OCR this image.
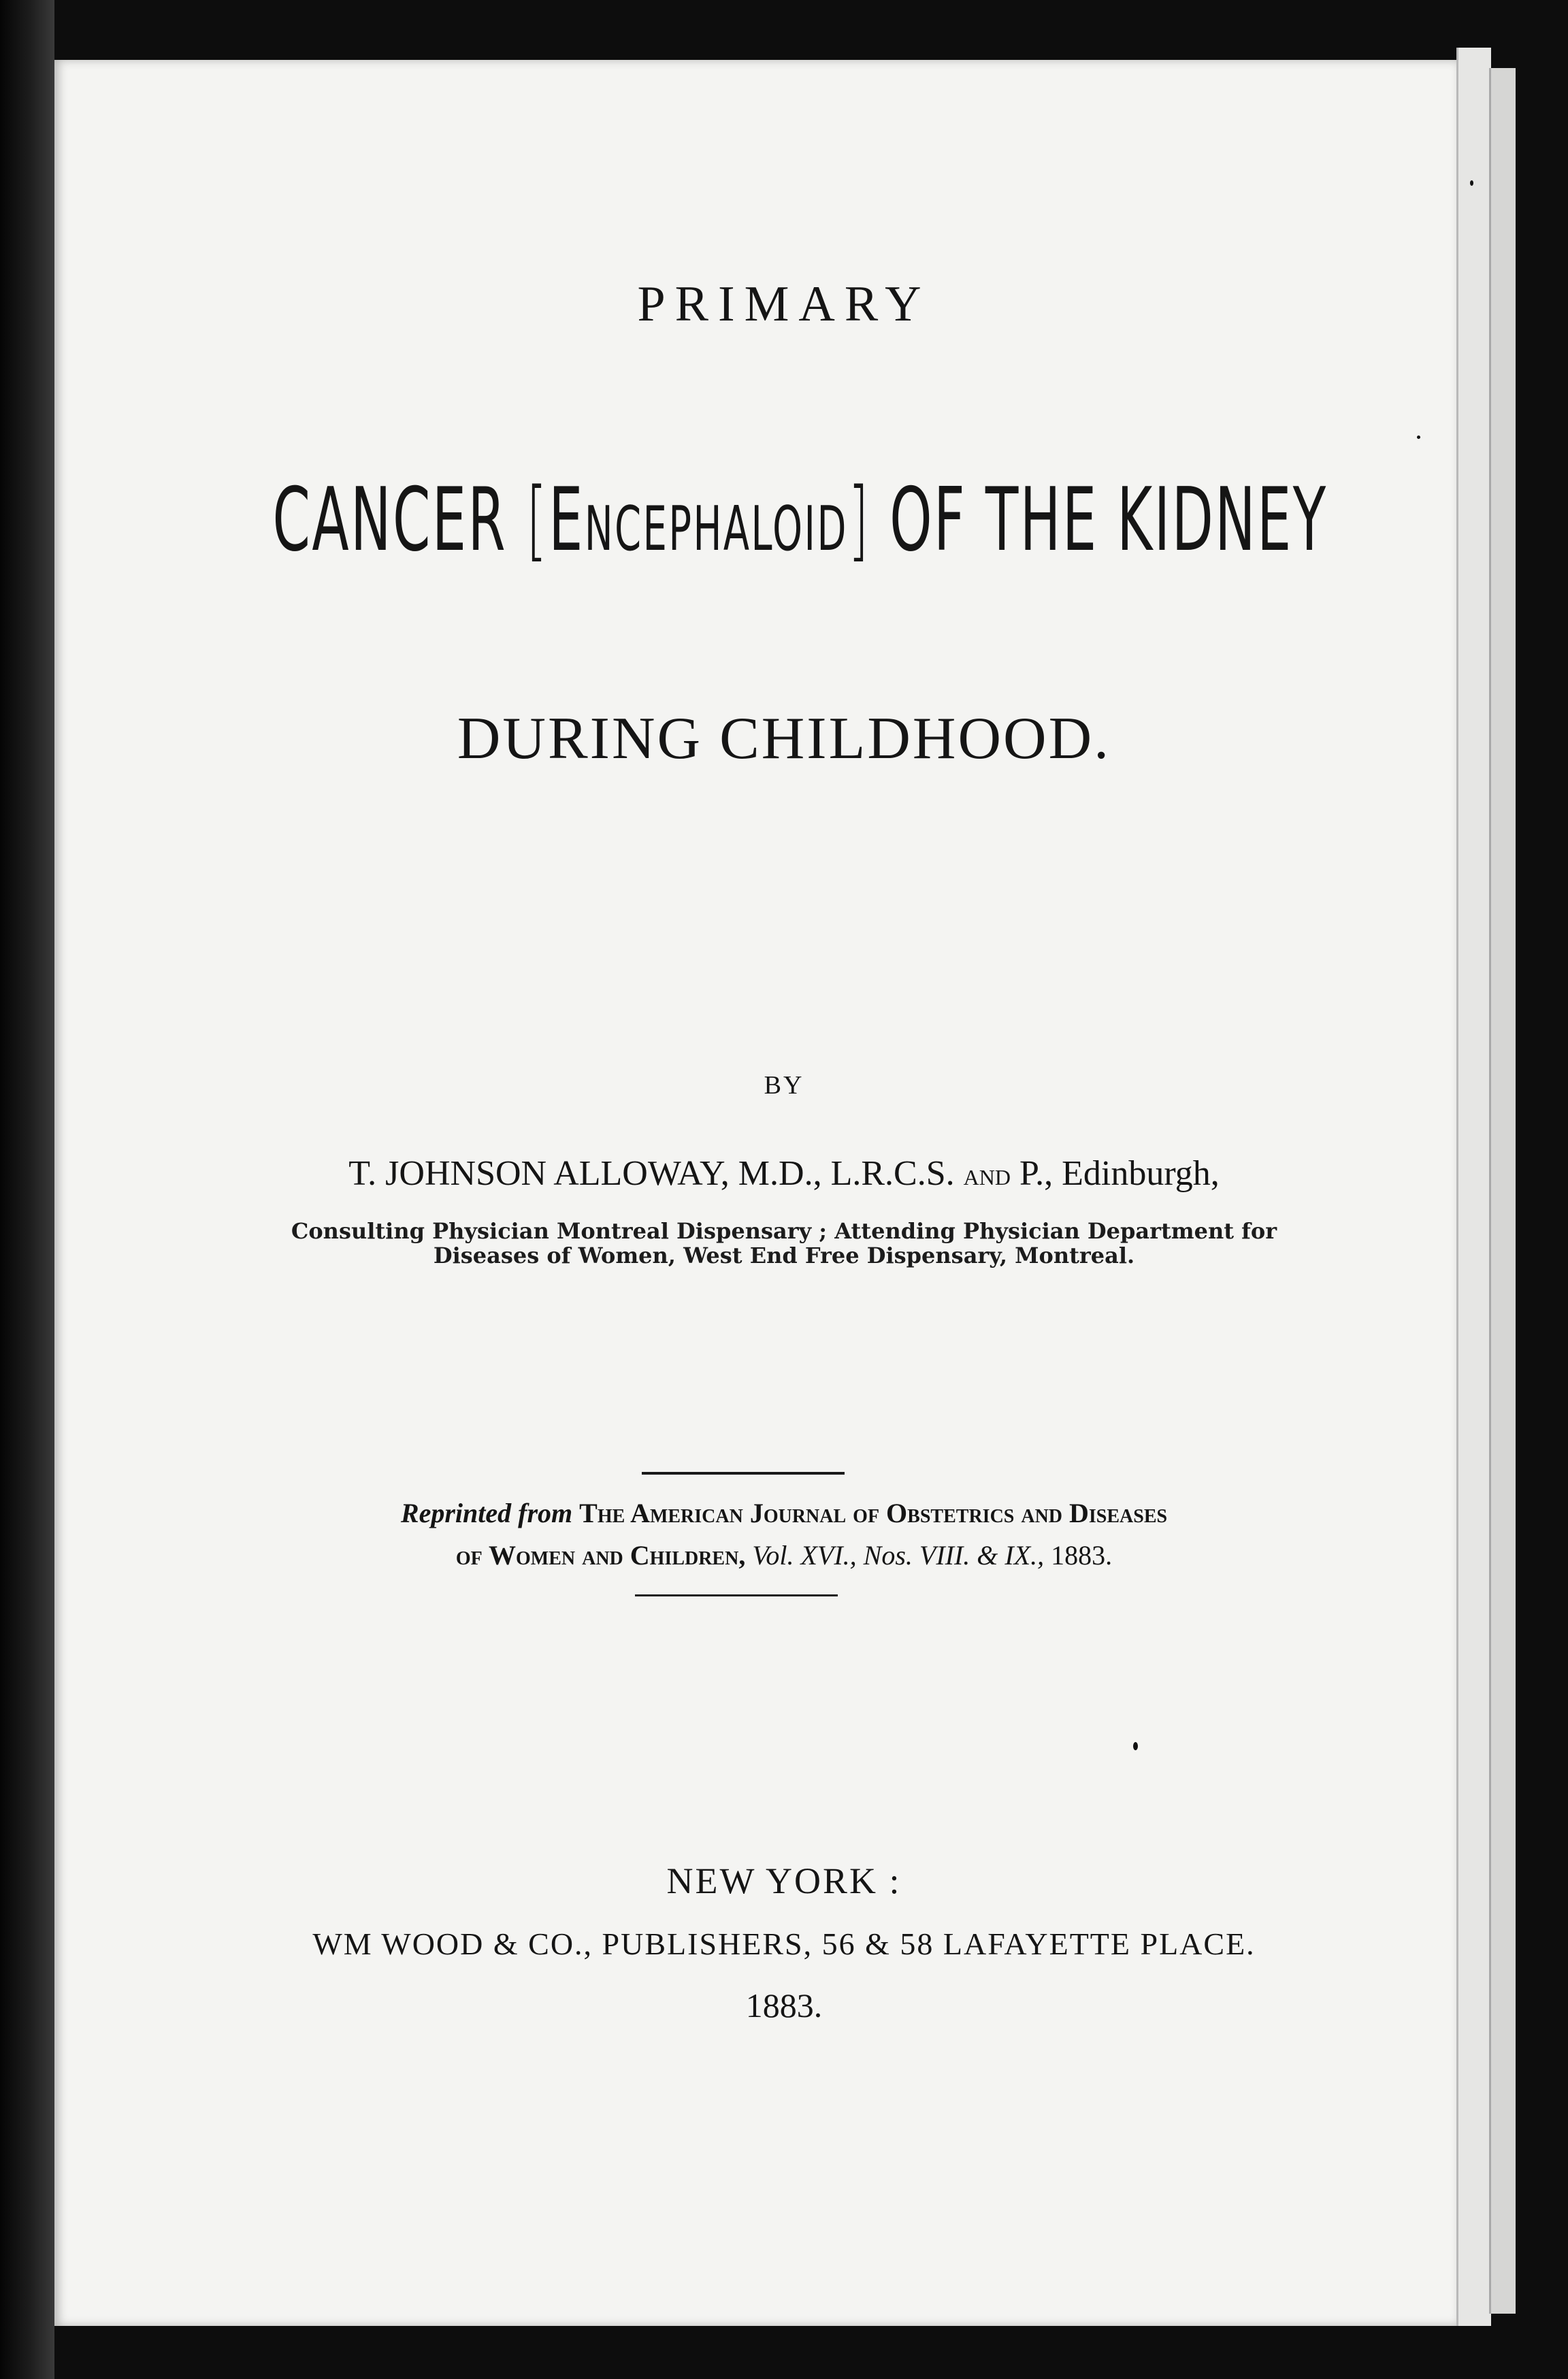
PRIMARY
CANCER [Encephaloid] OF THE KIDNEY
DURING CHILDHOOD.
BY
T. JOHNSON ALLOWAY, M.D., L.R.C.S. and P., Edinburgh,
Consulting Physician Montreal Dispensary ; Attending Physician Department for
Diseases of Women, West End Free Dispensary, Montreal.
Reprinted from The American Journal of Obstetrics and Diseases
of Women and Children, Vol. XVI., Nos. VIII. & IX., 1883.
NEW YORK :
WM WOOD & CO., PUBLISHERS, 56 & 58 LAFAYETTE PLACE.
1883.
